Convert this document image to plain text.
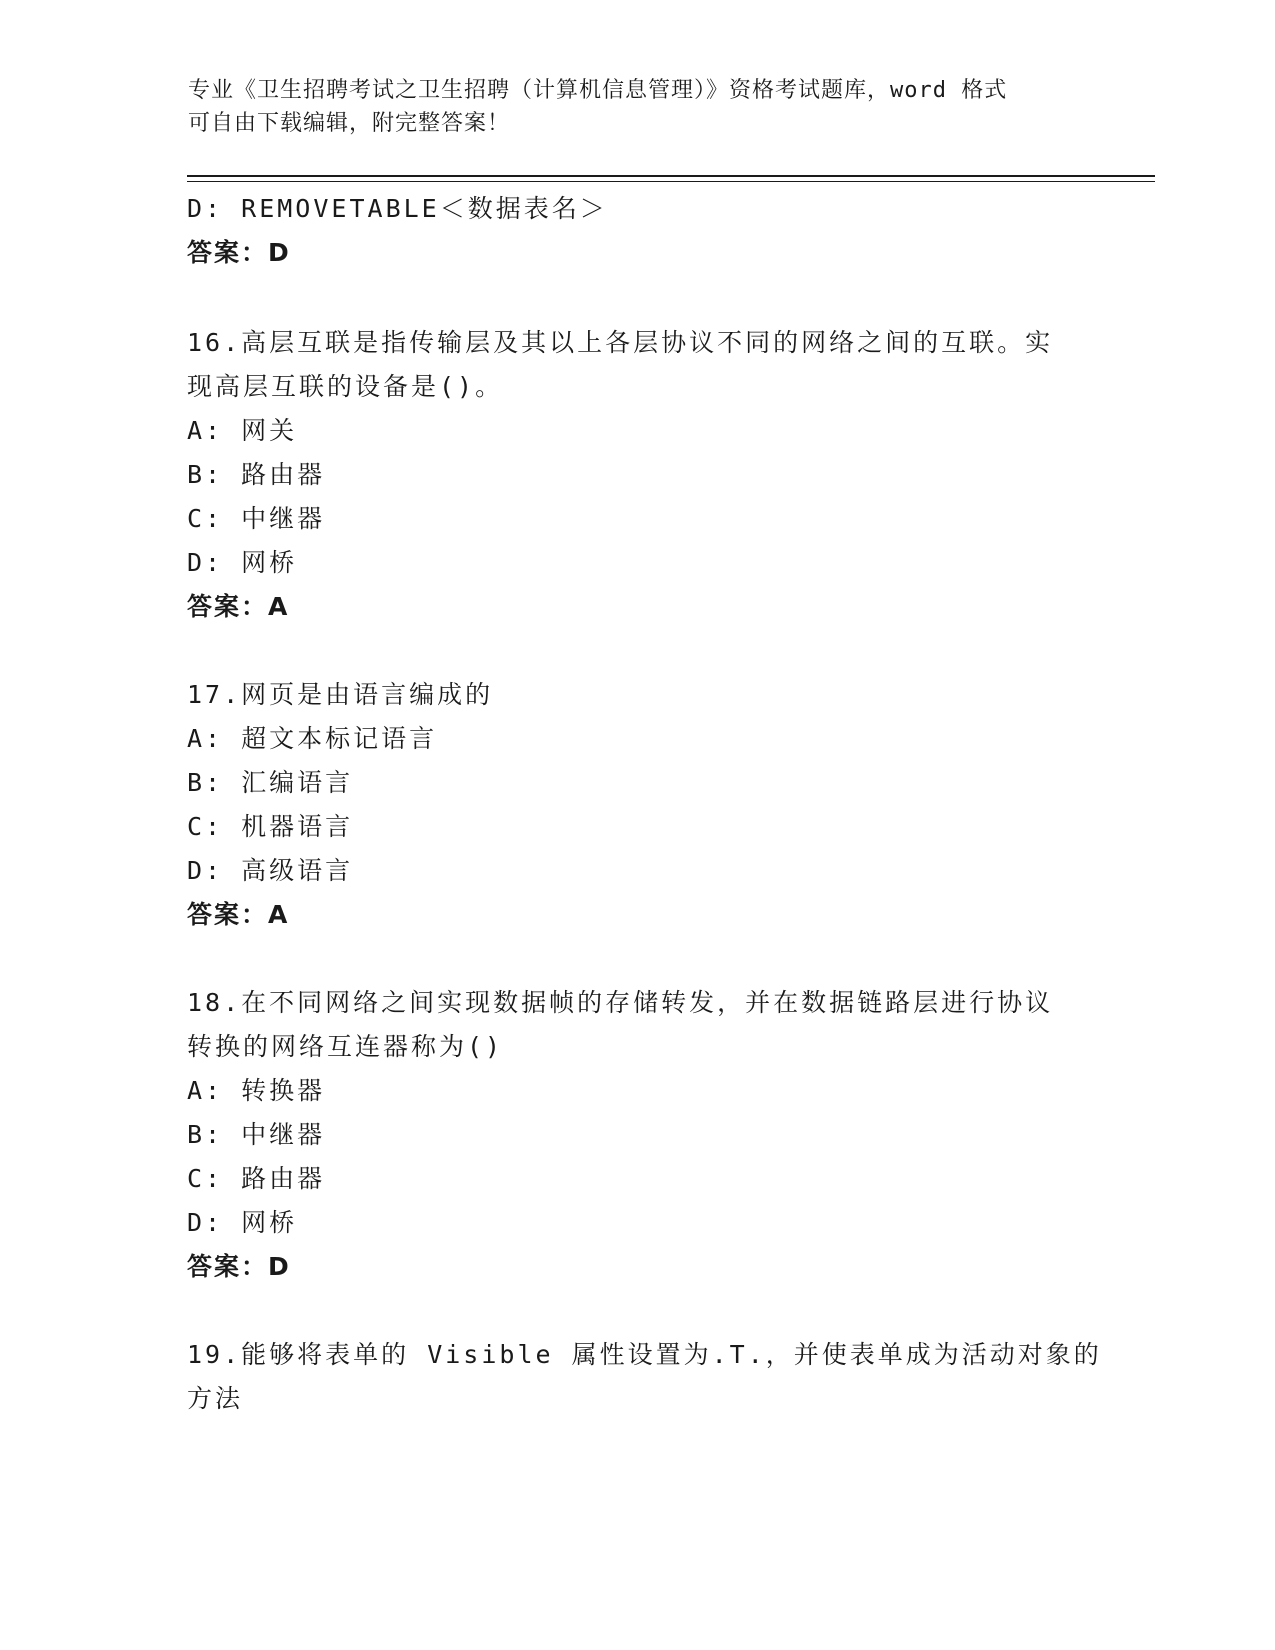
专业《卫生招聘考试之卫生招聘（计算机信息管理）》资格考试题库，word 格式
可自由下载编辑，附完整答案！
D: REMOVETABLE＜数据表名＞
答案：D
16.高层互联是指传输层及其以上各层协议不同的网络之间的互联。实
现高层互联的设备是()。
A: 网关
B: 路由器
C: 中继器
D: 网桥
答案：A
17.网页是由语言编成的
A: 超文本标记语言
B: 汇编语言
C: 机器语言
D: 高级语言
答案：A
18.在不同网络之间实现数据帧的存储转发，并在数据链路层进行协议
转换的网络互连器称为()
A: 转换器
B: 中继器
C: 路由器
D: 网桥
答案：D
19.能够将表单的 Visible 属性设置为.T.，并使表单成为活动对象的
方法
